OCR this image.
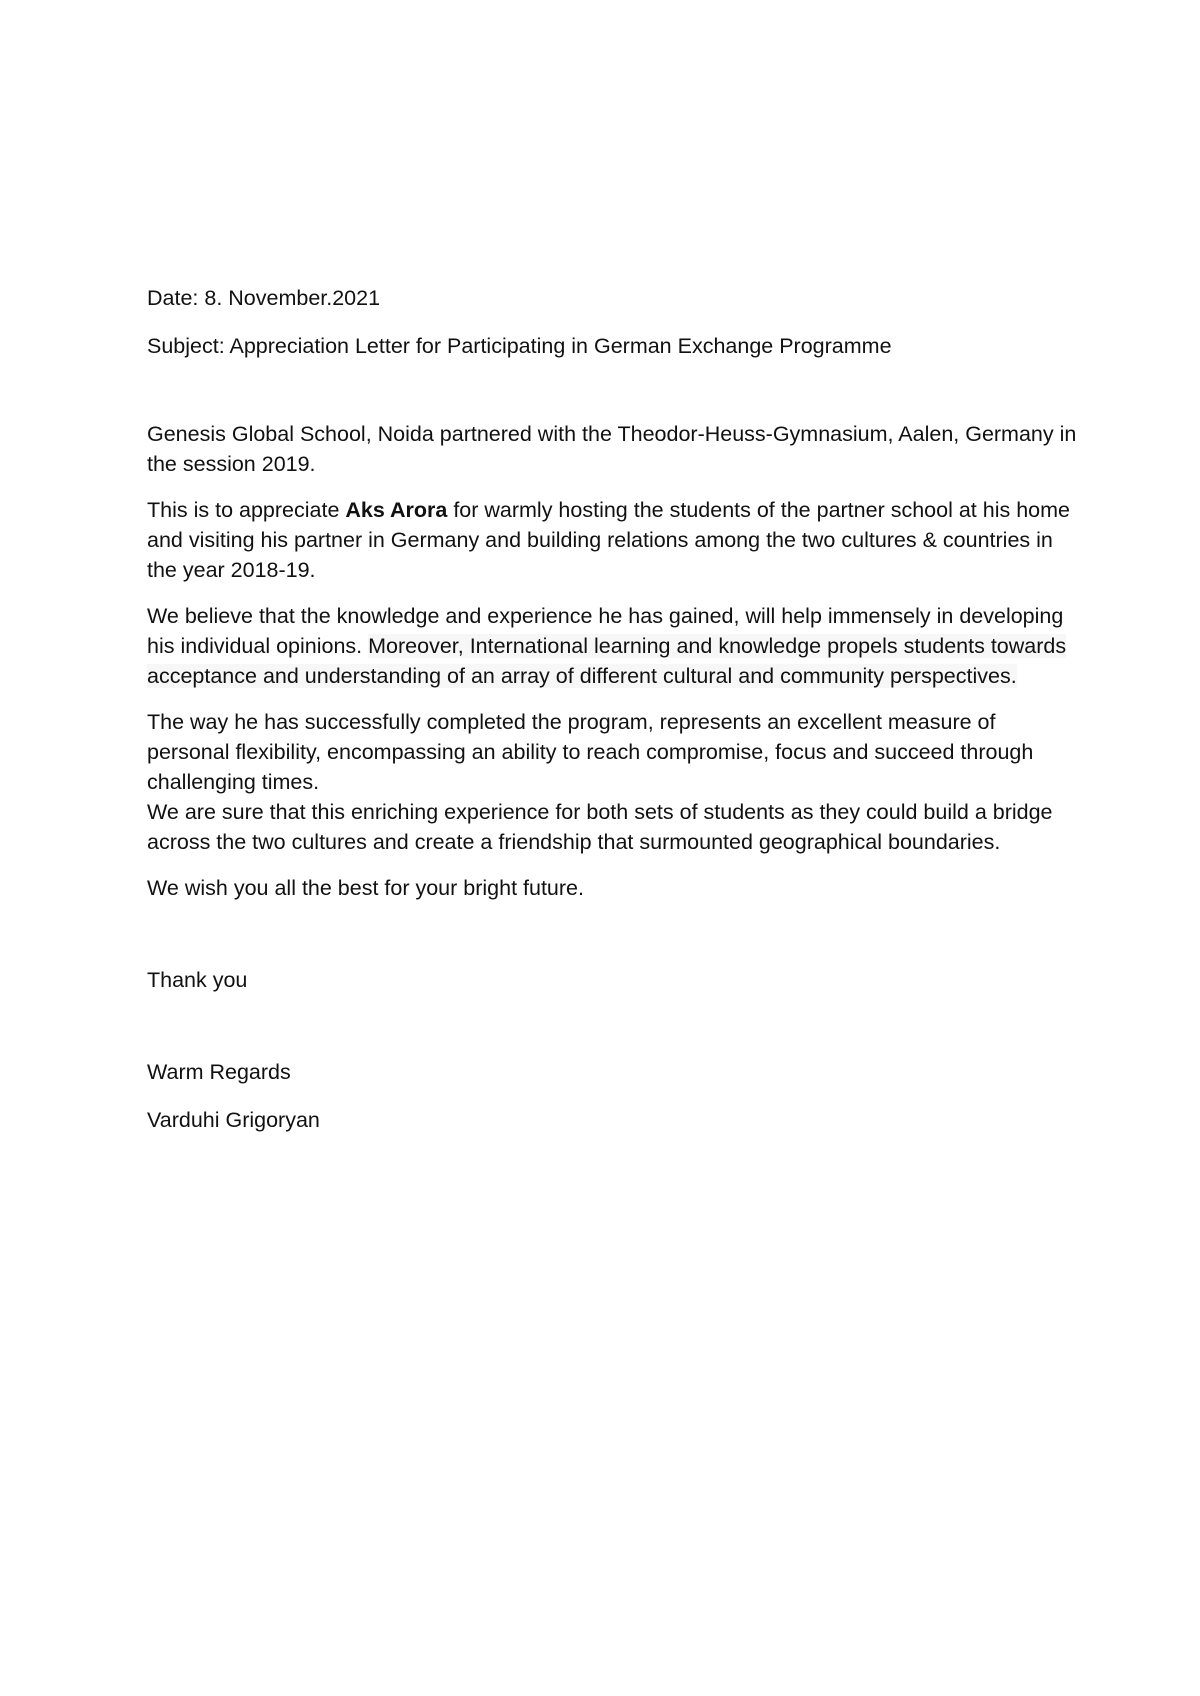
Date: 8. November.2021

Subject: Appreciation Letter for Participating in German Exchange Programme

Genesis Global School, Noida partnered with the Theodor-Heuss-Gymnasium, Aalen, Germany in the session 2019.

This is to appreciate Aks Arora for warmly hosting the students of the partner school at his home and visiting his partner in Germany and building relations among the two cultures & countries in the year 2018-19.

We believe that the knowledge and experience he has gained, will help immensely in developing his individual opinions. Moreover, International learning and knowledge propels students towards acceptance and understanding of an array of different cultural and community perspectives.

The way he has successfully completed the program, represents an excellent measure of personal flexibility, encompassing an ability to reach compromise, focus and succeed through challenging times.

We are sure that this enriching experience for both sets of students as they could build a bridge across the two cultures and create a friendship that surmounted geographical boundaries.

We wish you all the best for your bright future.

Thank you

Warm Regards

Varduhi Grigoryan
